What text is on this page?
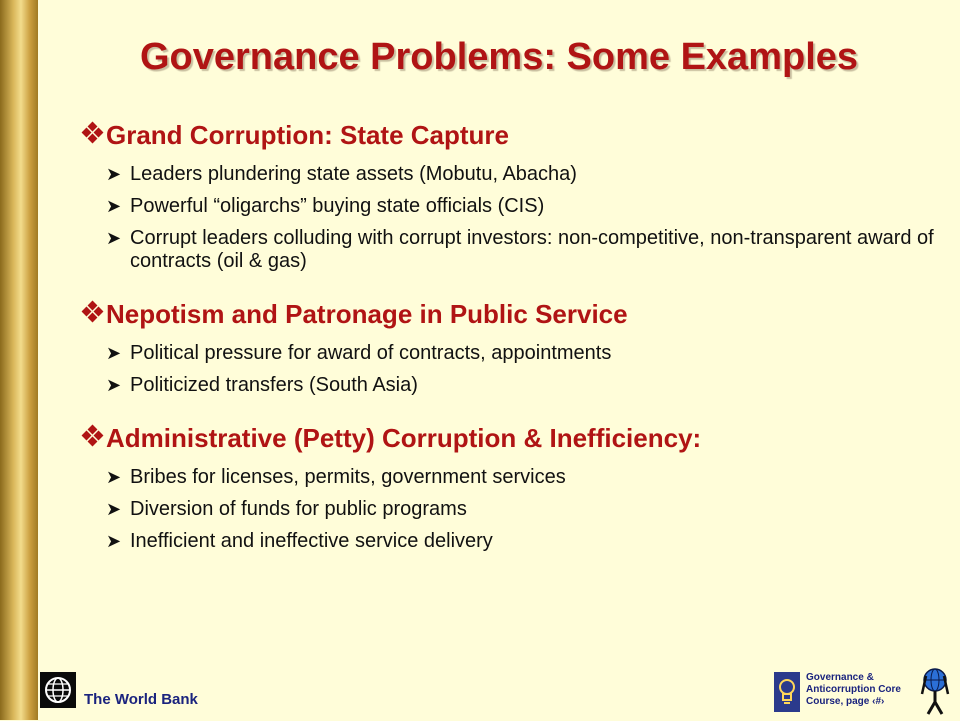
Governance Problems: Some Examples
Grand Corruption: State Capture
➤ Leaders plundering state assets (Mobutu, Abacha)
➤ Powerful “oligarchs” buying state officials (CIS)
➤ Corrupt leaders colluding with corrupt investors: non-competitive, non-transparent award of contracts (oil & gas)
Nepotism and Patronage in Public Service
➤ Political pressure for award of contracts, appointments
➤ Politicized transfers (South Asia)
Administrative (Petty) Corruption & Inefficiency:
➤ Bribes for licenses, permits, government services
➤ Diversion of funds for public programs
➤ Inefficient and ineffective service delivery
The World Bank
Governance &
Anticorruption Core
Course, page ‹#›
